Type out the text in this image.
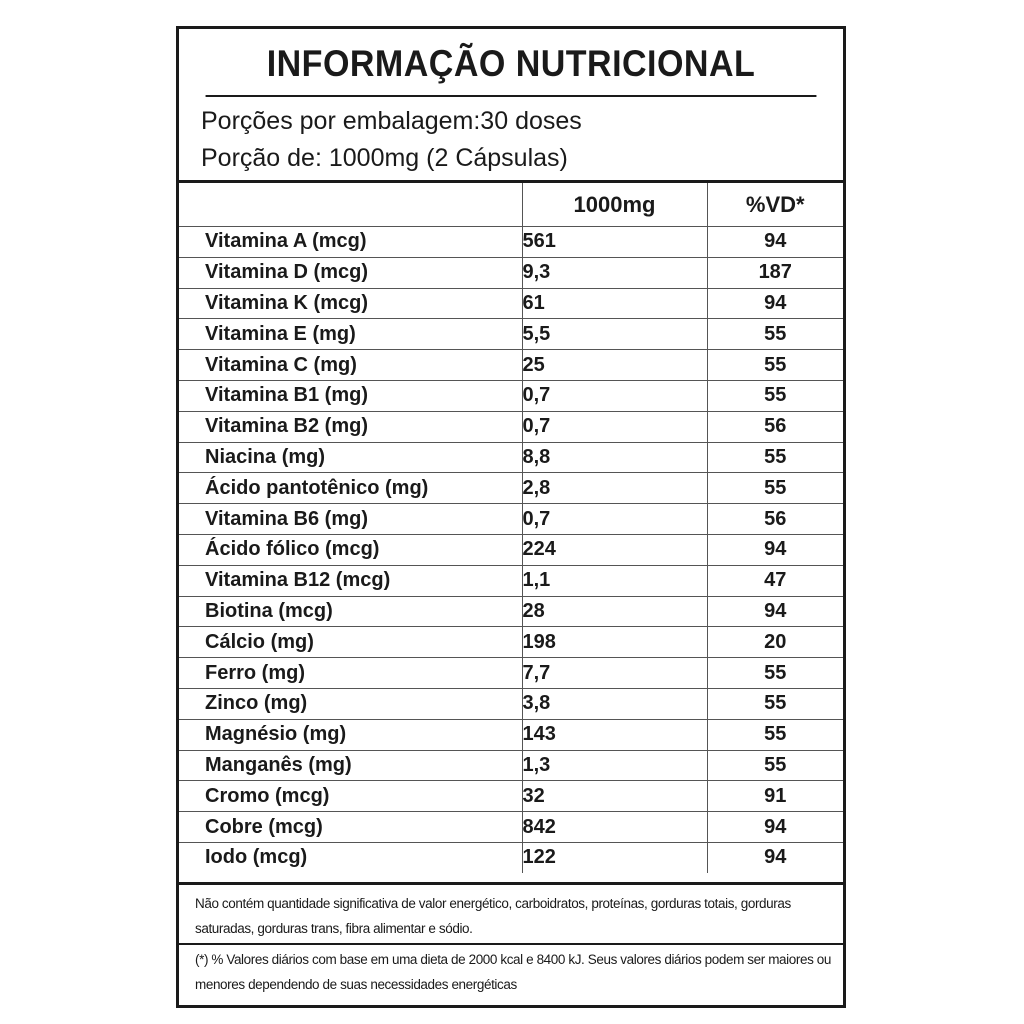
INFORMAÇÃO NUTRICIONAL
Porções por embalagem:30 doses
Porção de: 1000mg (2 Cápsulas)
	1000mg	%VD*
Vitamina A (mcg)	561	94
Vitamina D (mcg)	9,3	187
Vitamina K (mcg)	61	94
Vitamina E (mg)	5,5	55
Vitamina C (mg)	25	55
Vitamina B1 (mg)	0,7	55
Vitamina B2 (mg)	0,7	56
Niacina (mg)	8,8	55
Ácido pantotênico (mg)	2,8	55
Vitamina B6 (mg)	0,7	56
Ácido fólico (mcg)	224	94
Vitamina B12 (mcg)	1,1	47
Biotina (mcg)	28	94
Cálcio (mg)	198	20
Ferro (mg)	7,7	55
Zinco (mg)	3,8	55
Magnésio (mg)	143	55
Manganês (mg)	1,3	55
Cromo (mcg)	32	91
Cobre (mcg)	842	94
Iodo (mcg)	122	94
Não contém quantidade significativa de valor energético, carboidratos, proteínas, gorduras totais, gorduras saturadas, gorduras trans, fibra alimentar e sódio.
(*) % Valores diários com base em uma dieta de 2000 kcal e 8400 kJ. Seus valores diários podem ser maiores ou menores dependendo de suas necessidades energéticas
